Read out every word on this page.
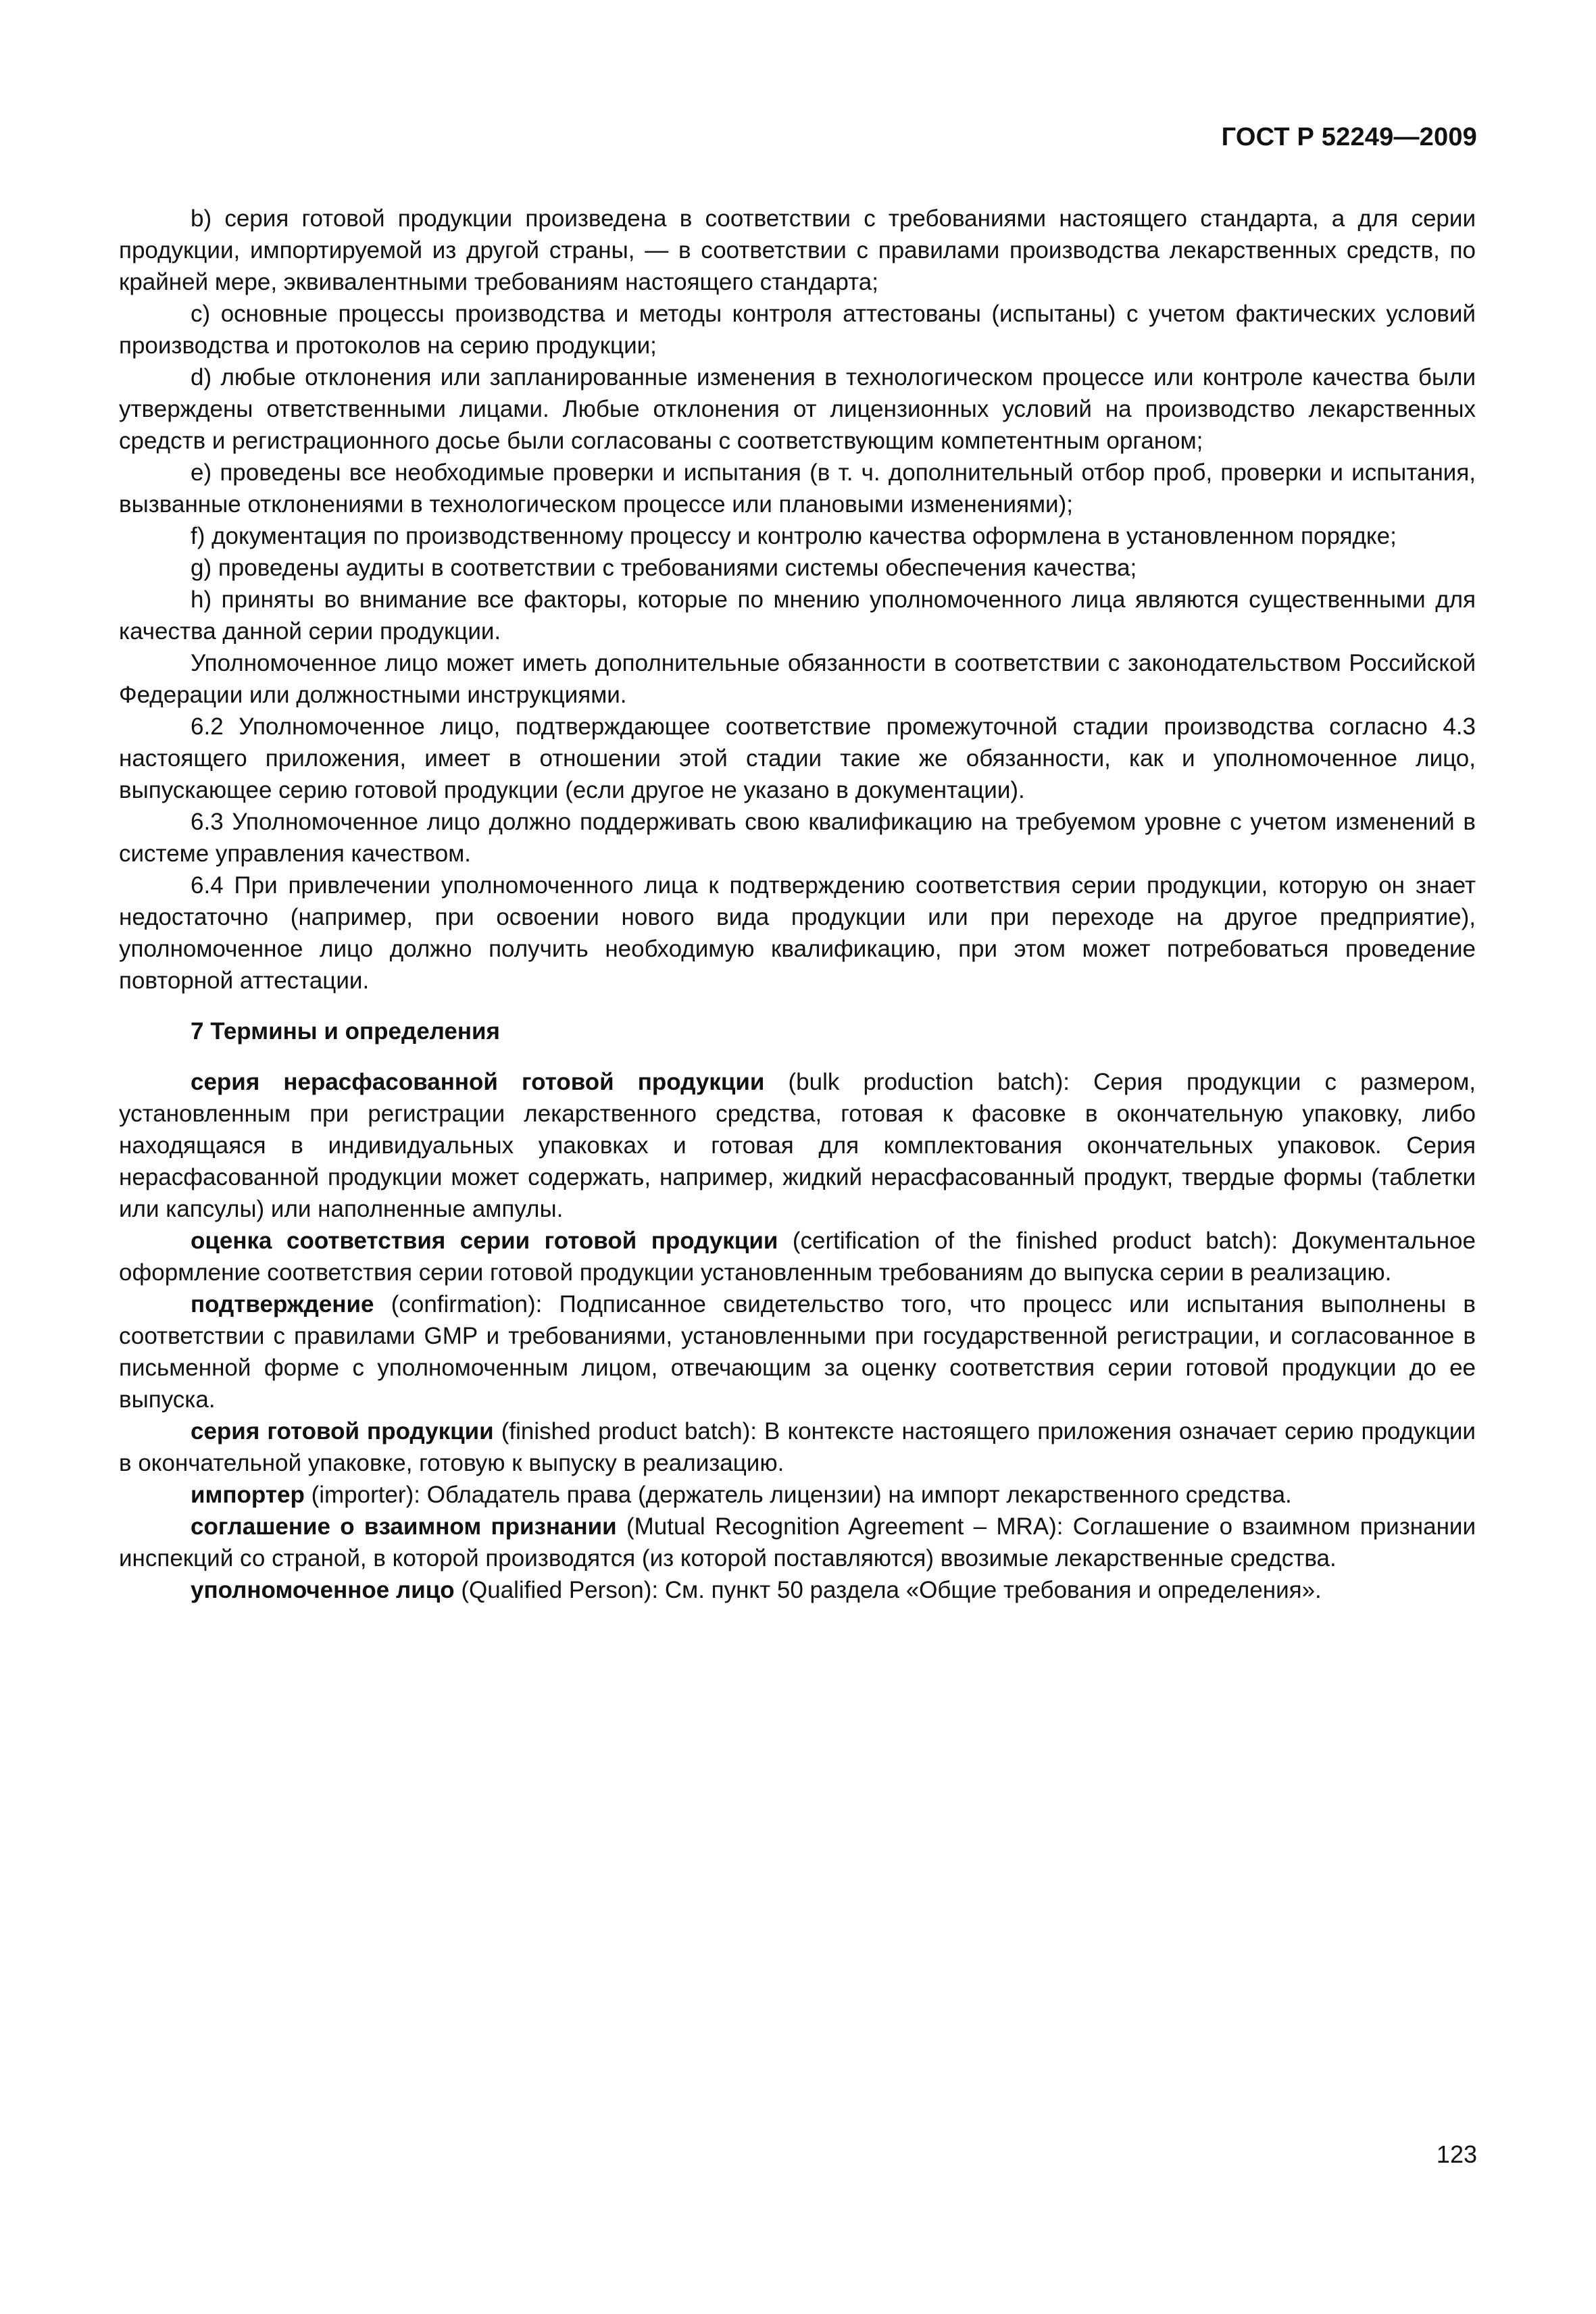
ГОСТ Р 52249—2009

b) серия готовой продукции произведена в соответствии с требованиями настоящего стандарта, а для серии продукции, импортируемой из другой страны, — в соответствии с правилами производства лекарственных средств, по крайней мере, эквивалентными требованиям настоящего стандарта;

с) основные процессы производства и методы контроля аттестованы (испытаны) с учетом фактических условий производства и протоколов на серию продукции;

d) любые отклонения или запланированные изменения в технологическом процессе или контроле качества были утверждены ответственными лицами. Любые отклонения от лицензионных условий на производство лекарственных средств и регистрационного досье были согласованы с соответствующим компетентным органом;

е) проведены все необходимые проверки и испытания (в т. ч. дополнительный отбор проб, проверки и испытания, вызванные отклонениями в технологическом процессе или плановыми изменениями);

f) документация по производственному процессу и контролю качества оформлена в установленном порядке;

g) проведены аудиты в соответствии с требованиями системы обеспечения качества;

h) приняты во внимание все факторы, которые по мнению уполномоченного лица являются существенными для качества данной серии продукции.

Уполномоченное лицо может иметь дополнительные обязанности в соответствии с законодательством Российской Федерации или должностными инструкциями.

6.2 Уполномоченное лицо, подтверждающее соответствие промежуточной стадии производства согласно 4.3 настоящего приложения, имеет в отношении этой стадии такие же обязанности, как и уполномоченное лицо, выпускающее серию готовой продукции (если другое не указано в документации).

6.3 Уполномоченное лицо должно поддерживать свою квалификацию на требуемом уровне с учетом изменений в системе управления качеством.

6.4 При привлечении уполномоченного лица к подтверждению соответствия серии продукции, которую он знает недостаточно (например, при освоении нового вида продукции или при переходе на другое предприятие), уполномоченное лицо должно получить необходимую квалификацию, при этом может потребоваться проведение повторной аттестации.

7 Термины и определения

серия нерасфасованной готовой продукции (bulk production batch): Серия продукции с размером, установленным при регистрации лекарственного средства, готовая к фасовке в окончательную упаковку, либо находящаяся в индивидуальных упаковках и готовая для комплектования окончательных упаковок. Серия нерасфасованной продукции может содержать, например, жидкий нерасфасованный продукт, твердые формы (таблетки или капсулы) или наполненные ампулы.

оценка соответствия серии готовой продукции (certification of the finished product batch): Документальное оформление соответствия серии готовой продукции установленным требованиям до выпуска серии в реализацию.

подтверждение (confirmation): Подписанное свидетельство того, что процесс или испытания выполнены в соответствии с правилами GMP и требованиями, установленными при государственной регистрации, и согласованное в письменной форме с уполномоченным лицом, отвечающим за оценку соответствия серии готовой продукции до ее выпуска.

серия готовой продукции (finished product batch): В контексте настоящего приложения означает серию продукции в окончательной упаковке, готовую к выпуску в реализацию.

импортер (importer): Обладатель права (держатель лицензии) на импорт лекарственного средства.

соглашение о взаимном признании (Mutual Recognition Agreement – MRA): Соглашение о взаимном признании инспекций со страной, в которой производятся (из которой поставляются) ввозимые лекарственные средства.

уполномоченное лицо (Qualified Person): См. пункт 50 раздела «Общие требования и определения».

123
